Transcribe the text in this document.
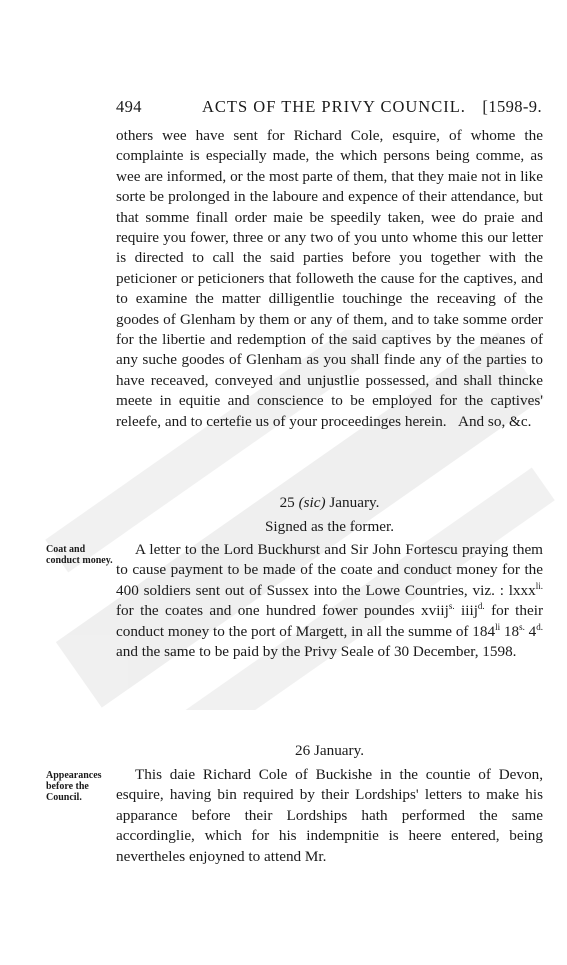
494	ACTS OF THE PRIVY COUNCIL. [1598-9.

others wee have sent for Richard Cole, esquire, of whome the complainte is especially made, the which persons being comme, as wee are informed, or the most parte of them, that they maie not in like sorte be prolonged in the laboure and expence of their attendance, but that somme finall order maie be speedily taken, wee do praie and require you fower, three or any two of you unto whome this our letter is directed to call the said parties before you together with the peticioner or peticioners that followeth the cause for the captives, and to examine the matter dilligentlie touchinge the receaving of the goodes of Glenham by them or any of them, and to take somme order for the libertie and redemption of the said captives by the meanes of any suche goodes of Glenham as you shall finde any of the parties to have receaved, conveyed and unjustlie possessed, and shall thincke meete in equitie and conscience to be employed for the captives' releefe, and to certefie us of your proceedinges herein. And so, &c.

25 (sic) January.

Signed as the former.

Coat and conduct money.

A letter to the Lord Buckhurst and Sir John Fortescu praying them to cause payment to be made of the coate and conduct money for the 400 soldiers sent out of Sussex into the Lowe Countries, viz. : lxxx$^{li.}$ for the coates and one hundred fower poundes xviij$^{s.}$ iiij$^{d.}$ for their conduct money to the port of Margett, in all the summe of $184^{li}$ $18^{s.}$ $4^{d.}$ and the same to be paid by the Privy Seale of 30 December, 1598.

26 January.

Appearances before the Council.

This daie Richard Cole of Buckishe in the countie of Devon, esquire, having bin required by their Lordships' letters to make his apparance before their Lordships hath performed the same accordinglie, which for his indempnitie is heere entered, being nevertheles enjoyned to attend Mr.
